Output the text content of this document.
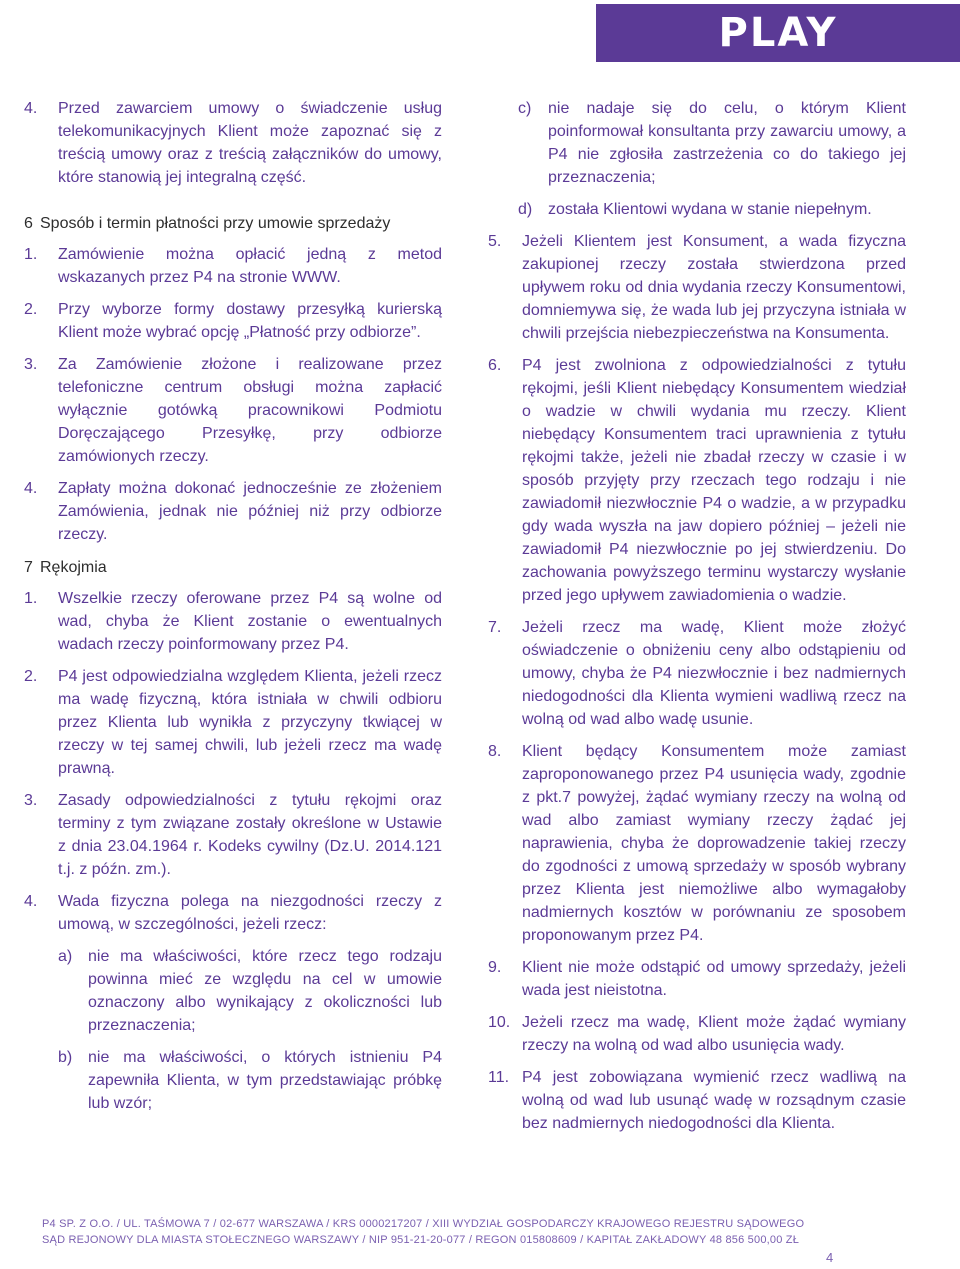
PLAY
4.	Przed zawarciem umowy o świadczenie usług telekomunikacyjnych Klient może zapoznać się z treścią umowy oraz z treścią załączników do umowy, które stanowią jej integralną część.
6 Sposób i termin płatności przy umowie sprzedaży
1.	Zamówienie można opłacić jedną z metod wskazanych przez P4 na stronie WWW.
2.	Przy wyborze formy dostawy przesyłką kurierską Klient może wybrać opcję „Płatność przy odbiorze”.
3.	Za Zamówienie złożone i realizowane przez telefoniczne centrum obsługi można zapłacić wyłącznie gotówką pracownikowi Podmiotu Doręczającego Przesyłkę, przy odbiorze zamówionych rzeczy.
4.	Zapłaty można dokonać jednocześnie ze złożeniem Zamówienia, jednak nie później niż przy odbiorze rzeczy.
7 Rękojmia
1.	Wszelkie rzeczy oferowane przez P4 są wolne od wad, chyba że Klient zostanie o ewentualnych wadach rzeczy poinformowany przez P4.
2.	P4 jest odpowiedzialna względem Klienta, jeżeli rzecz ma wadę fizyczną, która istniała w chwili odbioru przez Klienta lub wynikła z przyczyny tkwiącej w rzeczy w tej samej chwili, lub jeżeli rzecz ma wadę prawną.
3.	Zasady odpowiedzialności z tytułu rękojmi oraz terminy z tym związane zostały określone w Ustawie z dnia 23.04.1964 r. Kodeks cywilny (Dz.U. 2014.121 t.j. z późn. zm.).
4.	Wada fizyczna polega na niezgodności rzeczy z umową, w szczególności, jeżeli rzecz:
a) nie ma właściwości, które rzecz tego rodzaju powinna mieć ze względu na cel w umowie oznaczony albo wynikający z okoliczności lub przeznaczenia;
b) nie ma właściwości, o których istnieniu P4 zapewniła Klienta, w tym przedstawiając próbkę lub wzór;
c)	nie nadaje się do celu, o którym Klient poinformował konsultanta przy zawarciu umowy, a P4 nie zgłosiła zastrzeżenia co do takiego jej przeznaczenia;
d) została Klientowi wydana w stanie niepełnym.
5.	Jeżeli Klientem jest Konsument, a wada fizyczna zakupionej rzeczy została stwierdzona przed upływem roku od dnia wydania rzeczy Konsumentowi, domniemywa się, że wada lub jej przyczyna istniała w chwili przejścia niebezpieczeństwa na Konsumenta.
6.	P4 jest zwolniona z odpowiedzialności z tytułu rękojmi, jeśli Klient niebędący Konsumentem wiedział o wadzie w chwili wydania mu rzeczy. Klient niebędący Konsumentem traci uprawnienia z tytułu rękojmi także, jeżeli nie zbadał rzeczy w czasie i w sposób przyjęty przy rzeczach tego rodzaju i nie zawiadomił niezwłocznie P4 o wadzie, a w przypadku gdy wada wyszła na jaw dopiero później – jeżeli nie zawiadomił P4 niezwłocznie po jej stwierdzeniu. Do zachowania powyższego terminu wystarczy wysłanie przed jego upływem zawiadomienia o wadzie.
7.	Jeżeli rzecz ma wadę, Klient może złożyć oświadczenie o obniżeniu ceny albo odstąpieniu od umowy, chyba że P4 niezwłocznie i bez nadmiernych niedogodności dla Klienta wymieni wadliwą rzecz na wolną od wad albo wadę usunie.
8.	Klient będący Konsumentem może zamiast zaproponowanego przez P4 usunięcia wady, zgodnie z pkt.7 powyżej, żądać wymiany rzeczy na wolną od wad albo zamiast wymiany rzeczy żądać jej naprawienia, chyba że doprowadzenie takiej rzeczy do zgodności z umową sprzedaży w sposób wybrany przez Klienta jest niemożliwe albo wymagałoby nadmiernych kosztów w porównaniu ze sposobem proponowanym przez P4.
9.	Klient nie może odstąpić od umowy sprzedaży, jeżeli wada jest nieistotna.
10. Jeżeli rzecz ma wadę, Klient może żądać wymiany rzeczy na wolną od wad albo usunięcia wady.
11. P4 jest zobowiązana wymienić rzecz wadliwą na wolną od wad lub usunąć wadę w rozsądnym czasie bez nadmiernych niedogodności dla Klienta.
P4 SP. Z O.O. / UL. TAŚMOWA 7 / 02-677 WARSZAWA / KRS 0000217207 / XIII WYDZIAŁ GOSPODARCZY KRAJOWEGO REJESTRU SĄDOWEGO
SĄD REJONOWY DLA MIASTA STOŁECZNEGO WARSZAWY / NIP 951-21-20-077 / REGON 015808609 / KAPITAŁ ZAKŁADOWY 48 856 500,00 ZŁ
4
